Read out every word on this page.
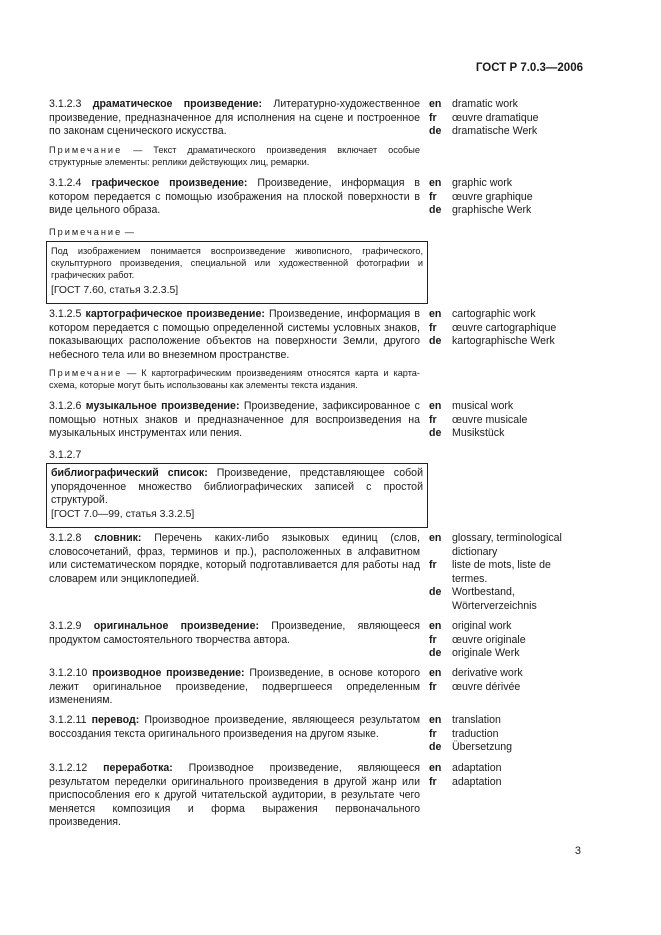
ГОСТ Р 7.0.3—2006
3.1.2.3 драматическое произведение: Литературно-художественное произведение, предназначенное для исполнения на сцене и построенное по законам сценического искусства.
en	dramatic work
fr	œuvre dramatique
de	dramatische Werk
Примечание — Текст драматического произведения включает особые структурные элементы: реплики действующих лиц, ремарки.
3.1.2.4 графическое произведение: Произведение, информация в котором передается с помощью изображения на плоской поверхности в виде цельного образа.
en	graphic work
fr	œuvre graphique
de	graphische Werk
Примечание —
Под изображением понимается воспроизведение живописного, графического, скульптурного произведения, специальной или художественной фотографии и графических работ.
[ГОСТ 7.60, статья 3.2.3.5]
3.1.2.5 картографическое произведение: Произведение, информация в котором передается с помощью определенной системы условных знаков, показывающих расположение объектов на поверхности Земли, другого небесного тела или во внеземном пространстве.
en	cartographic work
fr	œuvre cartographique
de	kartographische Werk
Примечание — К картографическим произведениям относятся карта и карта-схема, которые могут быть использованы как элементы текста издания.
3.1.2.6 музыкальное произведение: Произведение, зафиксированное с помощью нотных знаков и предназначенное для воспроизведения на музыкальных инструментах или пения.
en	musical work
fr	œuvre musicale
de	Musikstück
3.1.2.7
библиографический список: Произведение, представляющее собой упорядоченное множество библиографических записей с простой структурой.
[ГОСТ 7.0—99, статья 3.3.2.5]
3.1.2.8 словник: Перечень каких-либо языковых единиц (слов, словосочетаний, фраз, терминов и пр.), расположенных в алфавитном или систематическом порядке, который подготавливается для работы над словарем или энциклопедией.
en	glossary, terminological dictionary
fr	liste de mots, liste de termes.
de	Wortbestand, Wörterverzeichnis
3.1.2.9 оригинальное произведение: Произведение, являющееся продуктом самостоятельного творчества автора.
en	original work
fr	œuvre originale
de	originale Werk
3.1.2.10 производное произведение: Произведение, в основе которого лежит оригинальное произведение, подвергшееся определенным изменениям.
en	derivative work
fr	œuvre dérivée
3.1.2.11 перевод: Производное произведение, являющееся результатом воссоздания текста оригинального произведения на другом языке.
en	translation
fr	traduction
de	Übersetzung
3.1.2.12 переработка: Производное произведение, являющееся результатом переделки оригинального произведения в другой жанр или приспособления его к другой читательской аудитории, в результате чего меняется композиция и форма выражения первоначального произведения.
en	adaptation
fr	adaptation
3
